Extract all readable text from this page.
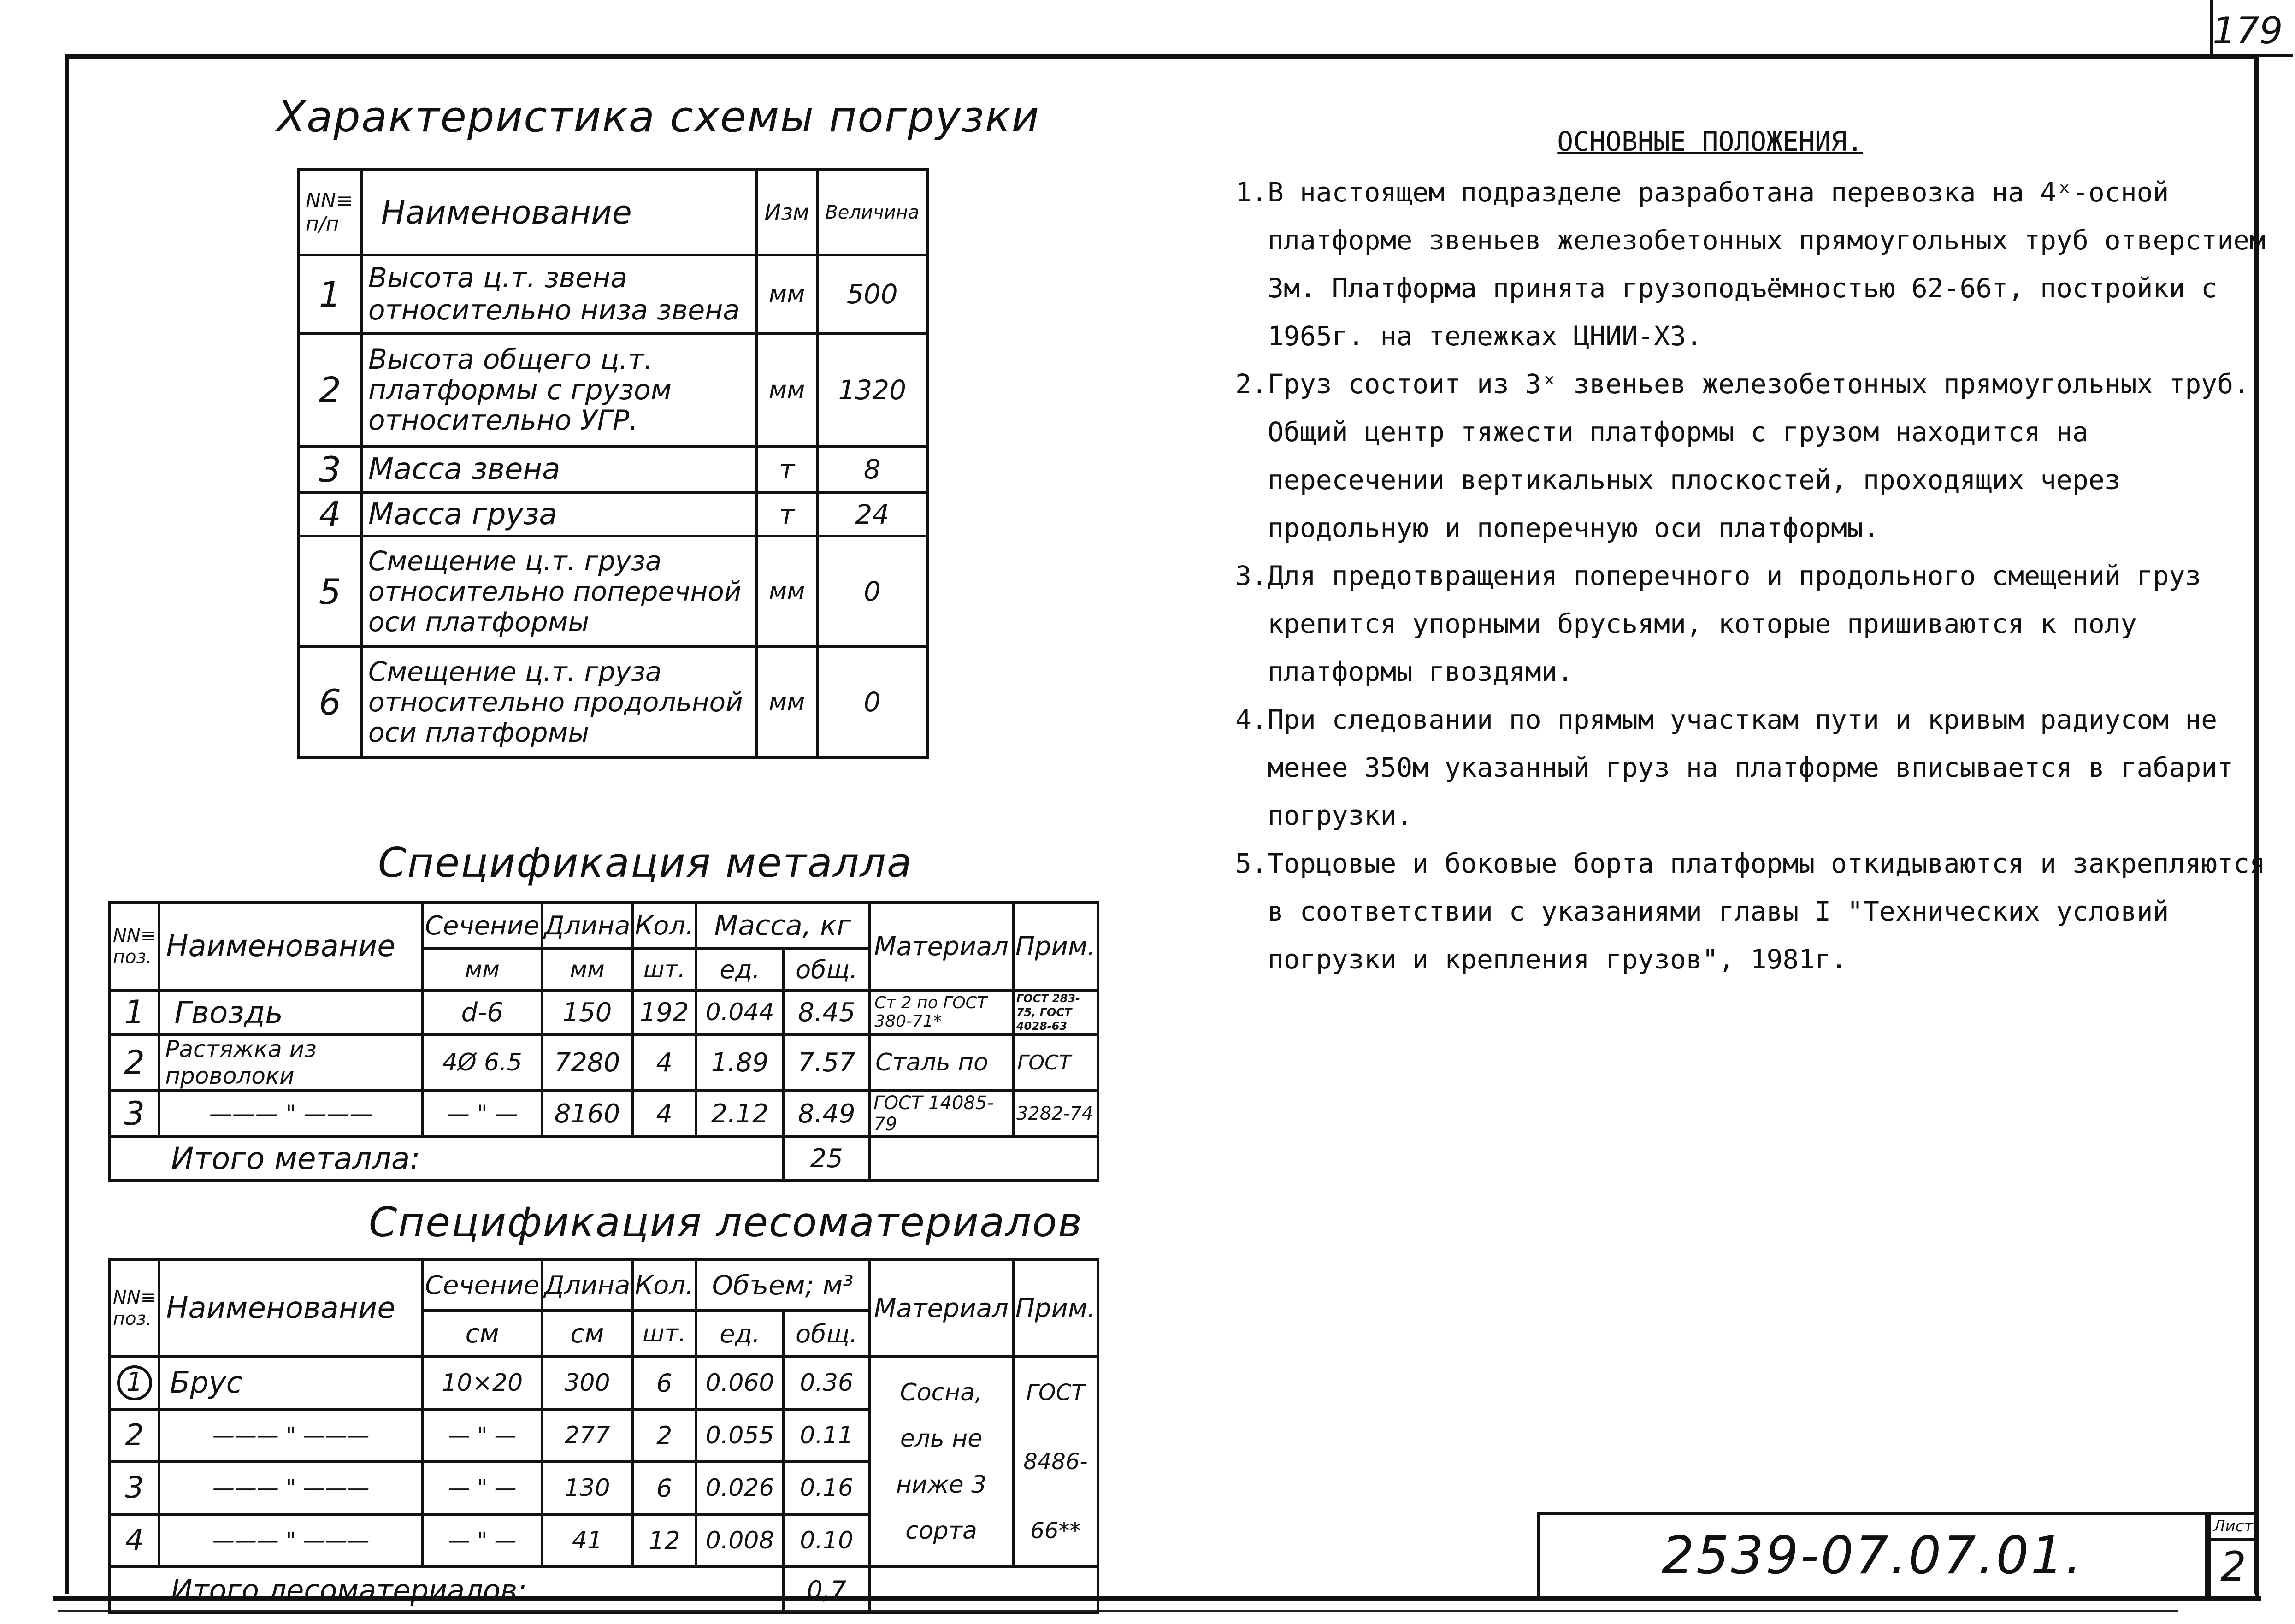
179
Характеристика схемы погрузки
NN≡ п/п	Наименование	Изм	Величина
1	Высота ц.т. звена относительно низа звена	мм	500
2	Высота общего ц.т. платформы с грузом относительно УГР.	мм	1320
3	Масса звена	т	8
4	Масса груза	т	24
5	Смещение ц.т. груза относительно поперечной оси платформы	мм	0
6	Смещение ц.т. груза относительно продольной оси платформы	мм	0
Спецификация металла
NN≡ поз.	Наименование	Сечение	Длина	Кол.	Масса, кг		Материал	Прим.
		мм	мм	шт.	ед.	общ.		
1	Гвоздь	d-6	150	192	0.044	8.45	Ст 2 по ГОСТ 380-71*	ГОСТ 283-75, ГОСТ 4028-63
2	Растяжка из проволоки	4Ø 6.5	7280	4	1.89	7.57	Сталь по	ГОСТ
3	——— " ———	— " —	8160	4	2.12	8.49	ГОСТ 14085-79	3282-74
Итого металла:						25		
Спецификация лесоматериалов
NN≡ поз.	Наименование	Сечение	Длина	Кол.	Объем; м³		Материал	Прим.
		см	см	шт.	ед.	общ.		
1	Брус	10×20	300	6	0.060	0.36	Сосна, ель не ниже 3 сорта	ГОСТ 8486-66**
2	——— " ———	— " —	277	2	0.055	0.11		
3	——— " ———	— " —	130	6	0.026	0.16		
4	——— " ———	— " —	41	12	0.008	0.10		
Итого лесоматериалов:						0,7		
ОСНОВНЫЕ ПОЛОЖЕНИЯ.
1. В настоящем подразделе разработана перевозка на 4ˣ-осной платформе звеньев железобетонных прямоугольных труб отверстием 3м. Платформа принята грузоподъёмностью 62-66т, постройки с 1965г. на тележках ЦНИИ-Х3.
2. Груз состоит из 3ˣ звеньев железобетонных прямоугольных труб. Общий центр тяжести платформы с грузом находится на пересечении вертикальных плоскостей, проходящих через продольную и поперечную оси платформы.
3. Для предотвращения поперечного и продольного смещений груз крепится упорными брусьями, которые пришиваются к полу платформы гвоздями.
4. При следовании по прямым участкам пути и кривым радиусом не менее 350м указанный груз на платформе вписывается в габарит погрузки.
5. Торцовые и боковые борта платформы откидываются и закрепляются в соответствии с указаниями главы I "Технических условий погрузки и крепления грузов", 1981г.
2539-07.07.01.	Лист
2
